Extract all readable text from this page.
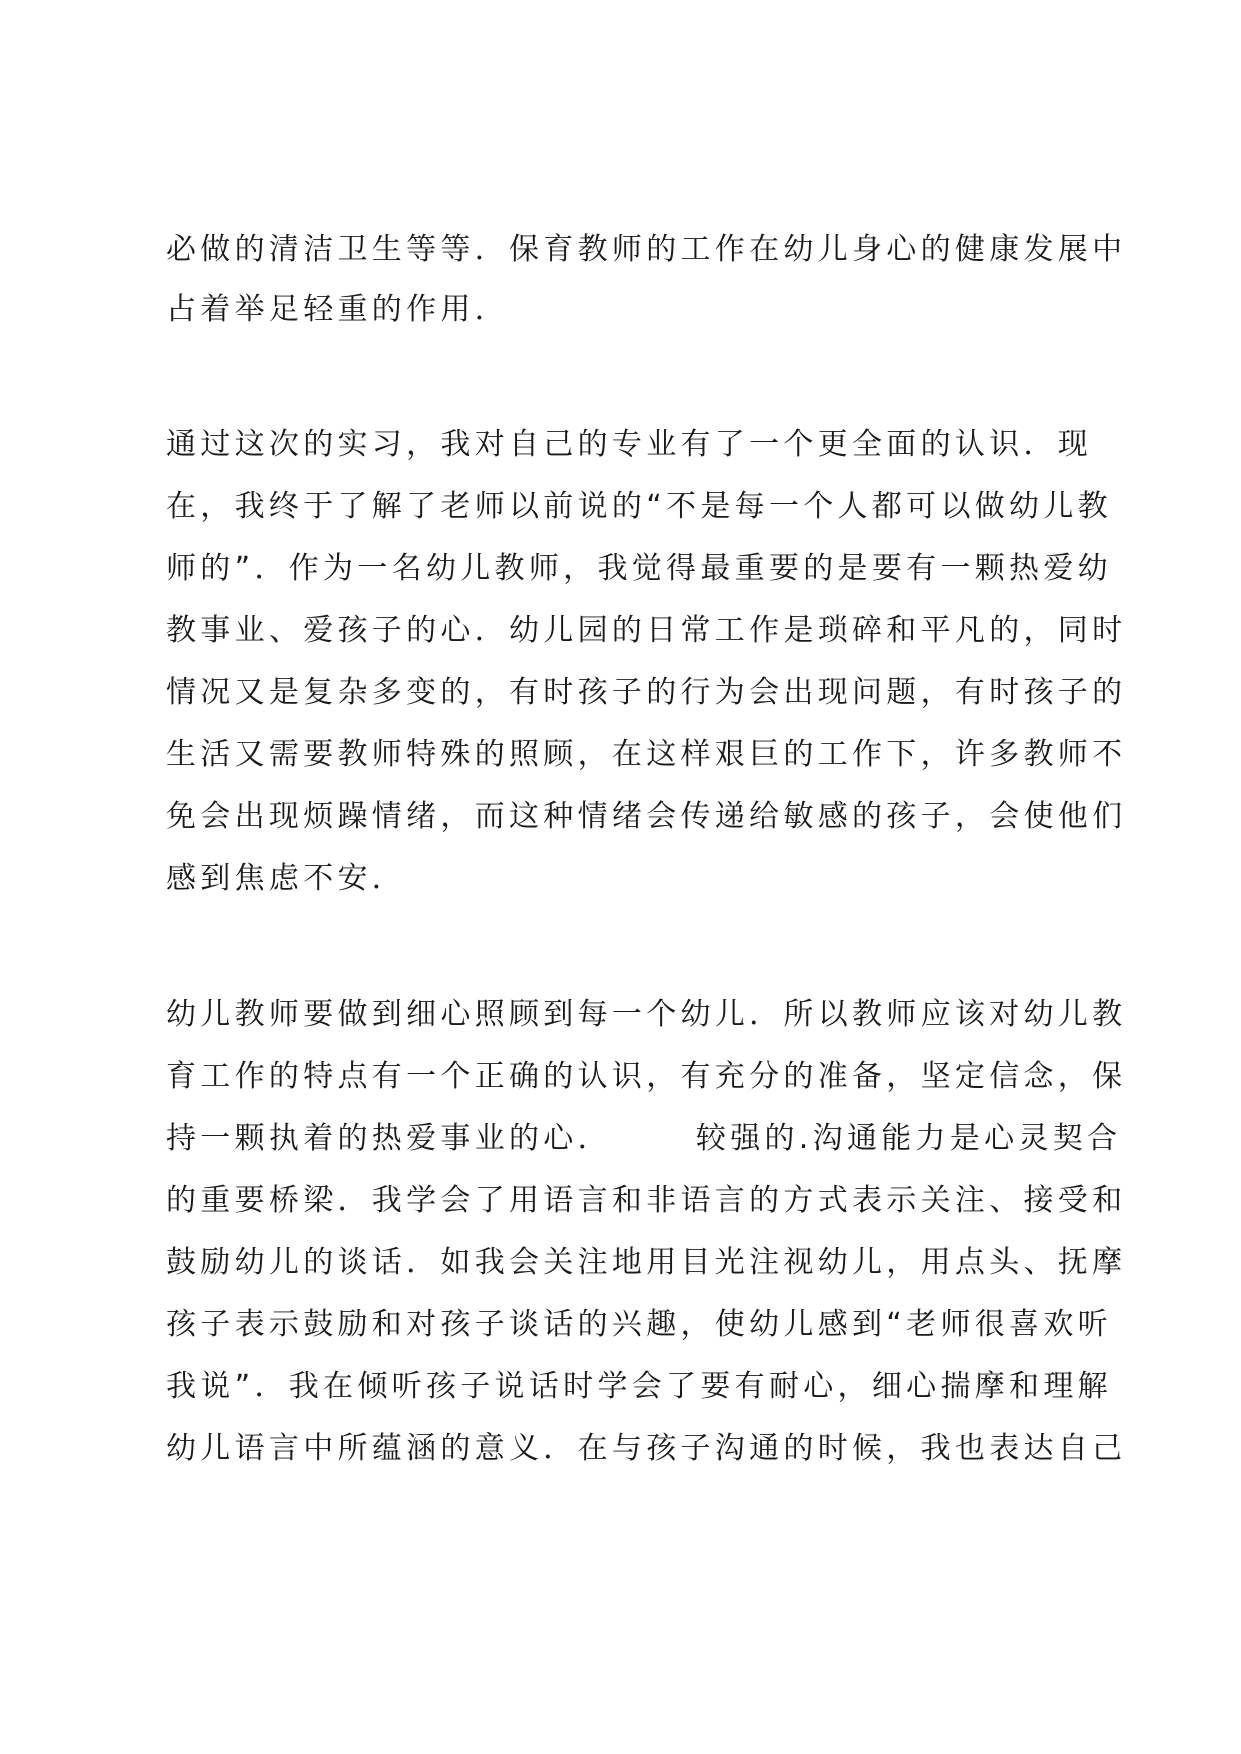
必做的清洁卫生等等．保育教师的工作在幼儿身心的健康发展中
占着举足轻重的作用．
通过这次的实习，我对自己的专业有了一个更全面的认识．现
在，我终于了解了老师以前说的“不是每一个人都可以做幼儿教
师的”．作为一名幼儿教师，我觉得最重要的是要有一颗热爱幼
教事业、爱孩子的心．幼儿园的日常工作是琐碎和平凡的，同时
情况又是复杂多变的，有时孩子的行为会出现问题，有时孩子的
生活又需要教师特殊的照顾，在这样艰巨的工作下，许多教师不
免会出现烦躁情绪，而这种情绪会传递给敏感的孩子，会使他们
感到焦虑不安．
幼儿教师要做到细心照顾到每一个幼儿．所以教师应该对幼儿教
育工作的特点有一个正确的认识，有充分的准备，坚定信念，保
持一颗执着的热爱事业的心．	较强的.沟通能力是心灵契合
的重要桥梁．我学会了用语言和非语言的方式表示关注、接受和
鼓励幼儿的谈话．如我会关注地用目光注视幼儿，用点头、抚摩
孩子表示鼓励和对孩子谈话的兴趣，使幼儿感到“老师很喜欢听
我说”．我在倾听孩子说话时学会了要有耐心，细心揣摩和理解
幼儿语言中所蕴涵的意义．在与孩子沟通的时候，我也表达自己
